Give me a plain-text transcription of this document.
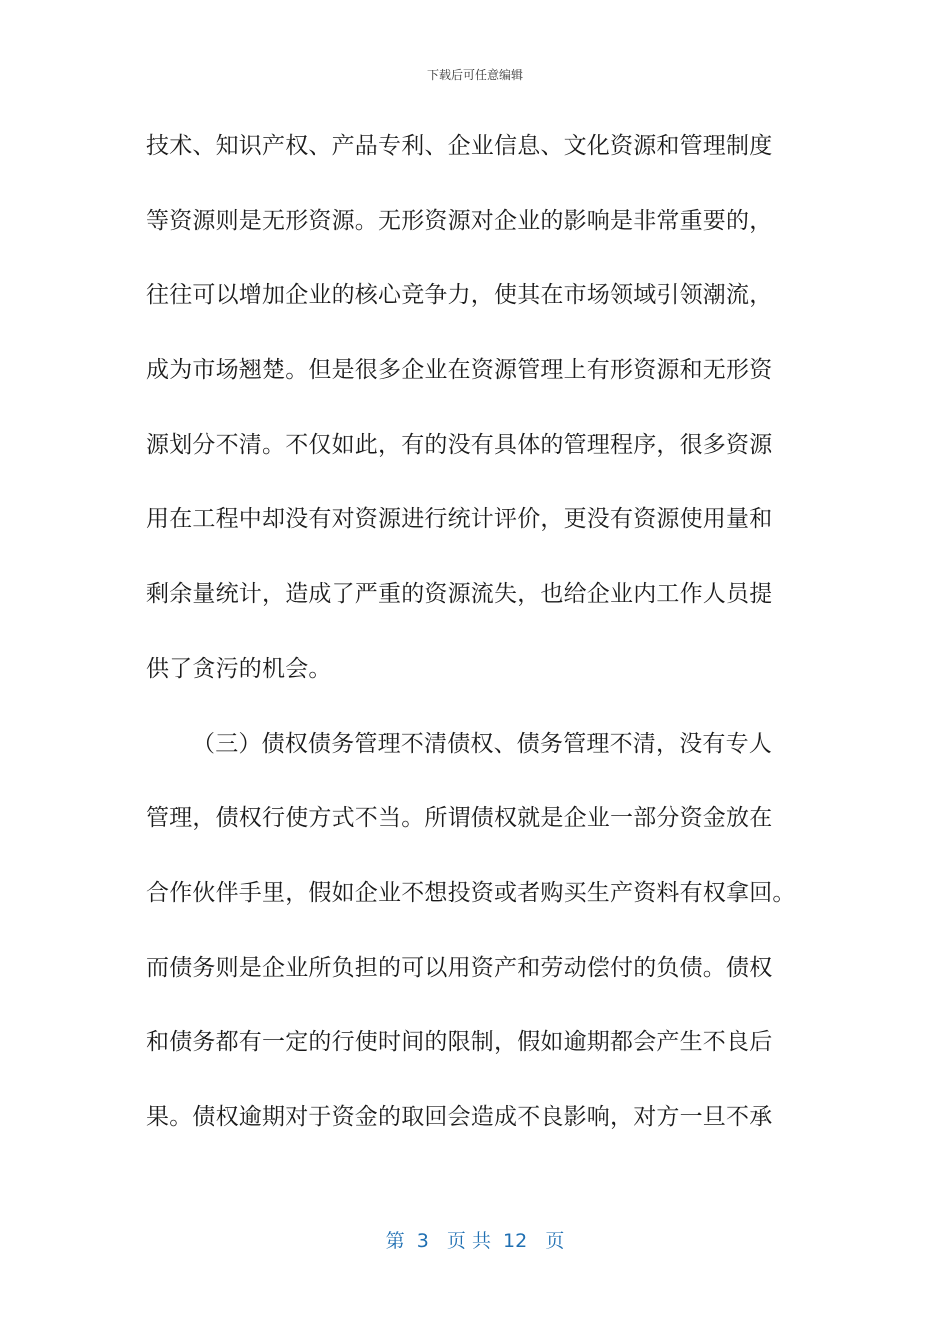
下载后可任意编辑
技术、知识产权、产品专利、企业信息、文化资源和管理制度
等资源则是无形资源。无形资源对企业的影响是非常重要的，
往往可以增加企业的核心竞争力，使其在市场领域引领潮流，
成为市场翘楚。但是很多企业在资源管理上有形资源和无形资
源划分不清。不仅如此，有的没有具体的管理程序，很多资源
用在工程中却没有对资源进行统计评价，更没有资源使用量和
剩余量统计，造成了严重的资源流失，也给企业内工作人员提
供了贪污的机会。
（三）债权债务管理不清债权、债务管理不清，没有专人
管理，债权行使方式不当。所谓债权就是企业一部分资金放在
合作伙伴手里，假如企业不想投资或者购买生产资料有权拿回。
而债务则是企业所负担的可以用资产和劳动偿付的负债。债权
和债务都有一定的行使时间的限制，假如逾期都会产生不良后
果。债权逾期对于资金的取回会造成不良影响，对方一旦不承
第  3   页 共  12   页
